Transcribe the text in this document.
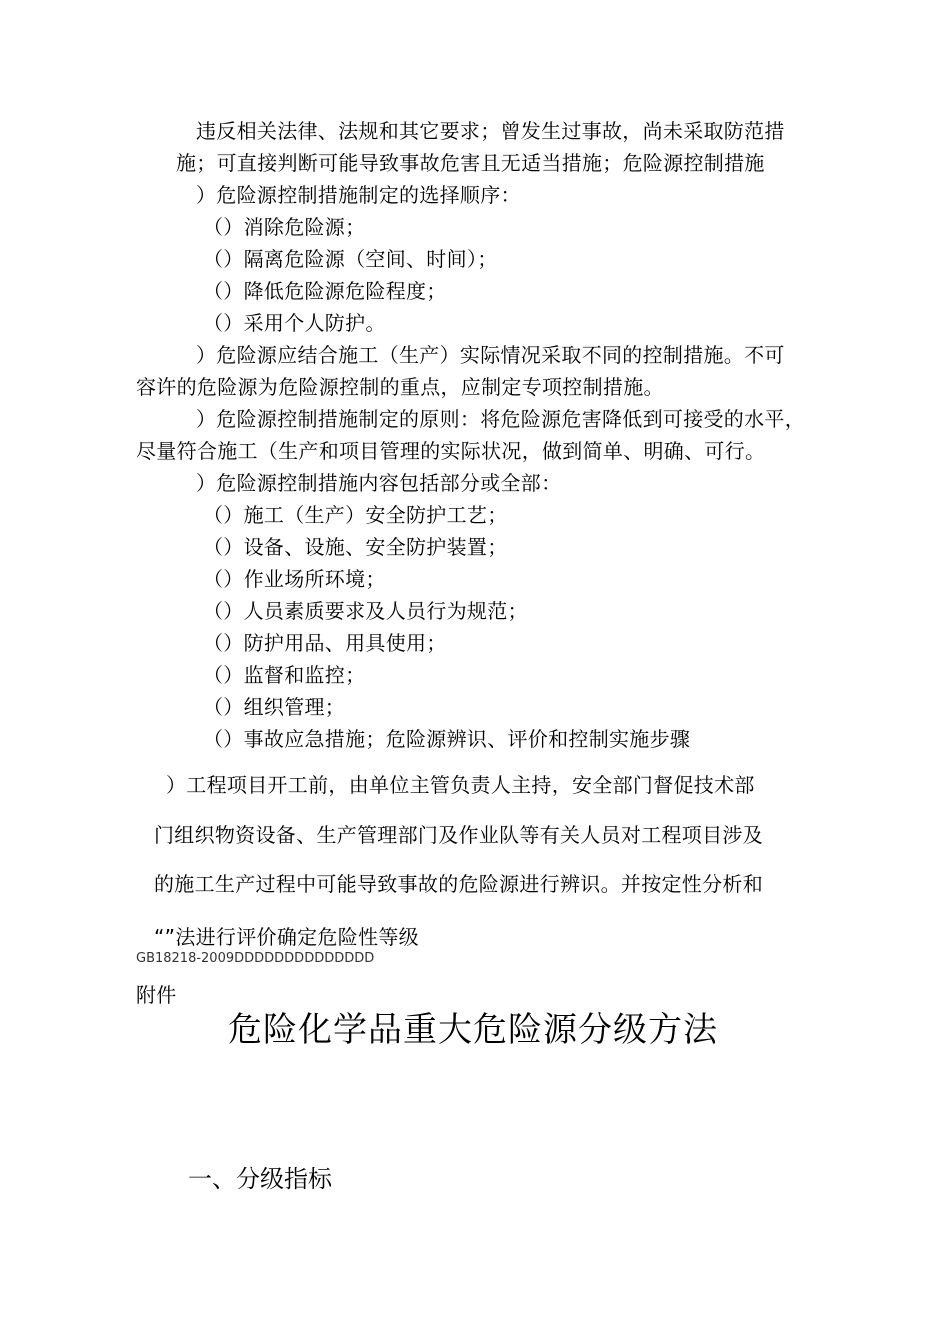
违反相关法律、法规和其它要求；曾发生过事故，尚未采取防范措
施；可直接判断可能导致事故危害且无适当措施；危险源控制措施
）危险源控制措施制定的选择顺序：
（）消除危险源；
（）隔离危险源（空间、时间）；
（）降低危险源危险程度；
（）采用个人防护。
）危险源应结合施工（生产）实际情况采取不同的控制措施。不可
容许的危险源为危险源控制的重点，应制定专项控制措施。
）危险源控制措施制定的原则：将危险源危害降低到可接受的水平，
尽量符合施工（生产和项目管理的实际状况，做到简单、明确、可行。
）危险源控制措施内容包括部分或全部：
（）施工（生产）安全防护工艺；
（）设备、设施、安全防护装置；
（）作业场所环境；
（）人员素质要求及人员行为规范；
（）防护用品、用具使用；
（）监督和监控；
（）组织管理；
（）事故应急措施；危险源辨识、评价和控制实施步骤
）工程项目开工前，由单位主管负责人主持，安全部门督促技术部
门组织物资设备、生产管理部门及作业队等有关人员对工程项目涉及
的施工生产过程中可能导致事故的危险源进行辨识。并按定性分析和
“”法进行评价确定危险性等级
GB18218-2009DDDDDDDDDDDDDD
附件
危险化学品重大危险源分级方法
一、分级指标
